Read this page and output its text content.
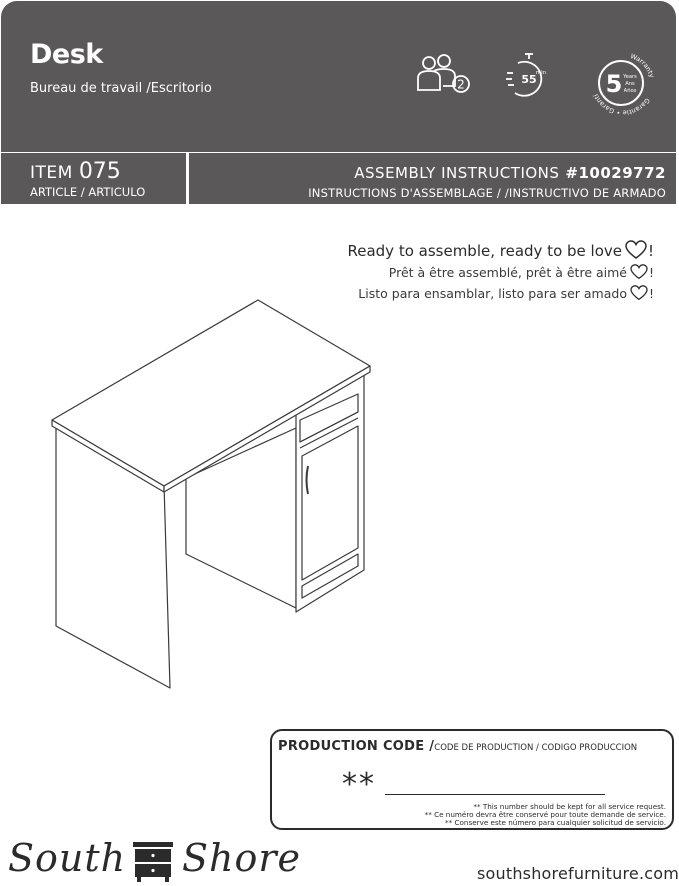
Desk
Bureau de travail /Escritorio	2	55 min
Warranty
Garantie • Garantí 5 Years
Ans
Años
ITEM 075
ARTICLE / ARTICULO
ASSEMBLY INSTRUCTIONS #10029772
INSTRUCTIONS D'ASSEMBLAGE / /INSTRUCTIVO DE ARMADO
Ready to assemble, ready to be love !
Prêt à être assemblé, prêt à être aimé !
Listo para ensamblar, listo para ser amado !
PRODUCTION CODE /CODE DE PRODUCTION / CODIGO PRODUCCION
**
** This number should be kept for all service request.
** Ce numéro devra être conservé pour toute demande de service.
** Conserve este número para cualquier solicitud de servicio.
South Shore	southshorefurniture.com
